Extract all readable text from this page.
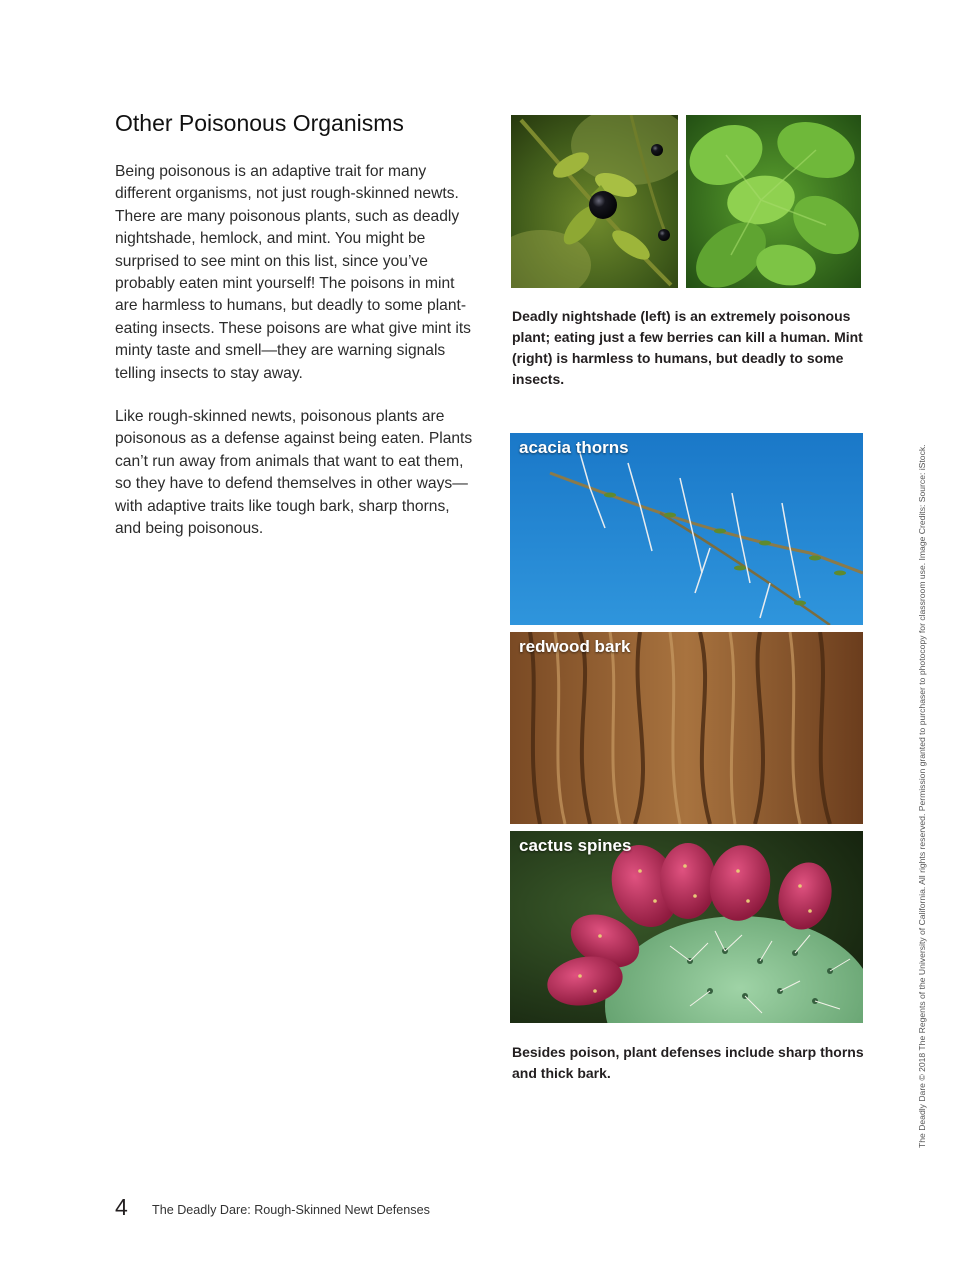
Other Poisonous Organisms

Being poisonous is an adaptive trait for many different organisms, not just rough-skinned newts. There are many poisonous plants, such as deadly nightshade, hemlock, and mint. You might be surprised to see mint on this list, since you’ve probably eaten mint yourself! The poisons in mint are harmless to humans, but deadly to some plant-eating insects. These poisons are what give mint its minty taste and smell—they are warning signals telling insects to stay away.

Like rough-skinned newts, poisonous plants are poisonous as a defense against being eaten. Plants can’t run away from animals that want to eat them, so they have to defend themselves in other ways—with adaptive traits like tough bark, sharp thorns, and being poisonous.

Deadly nightshade (left) is an extremely poisonous plant; eating just a few berries can kill a human. Mint (right) is harmless to humans, but deadly to some insects.

acacia thorns
redwood bark
cactus spines

Besides poison, plant defenses include sharp thorns and thick bark.	The Deadly Dare © 2018 The Regents of the University of California. All rights reserved. Permission granted to purchaser to photocopy for classroom use. Image Credits: Source: iStock.
4 The Deadly Dare: Rough-Skinned Newt Defenses
